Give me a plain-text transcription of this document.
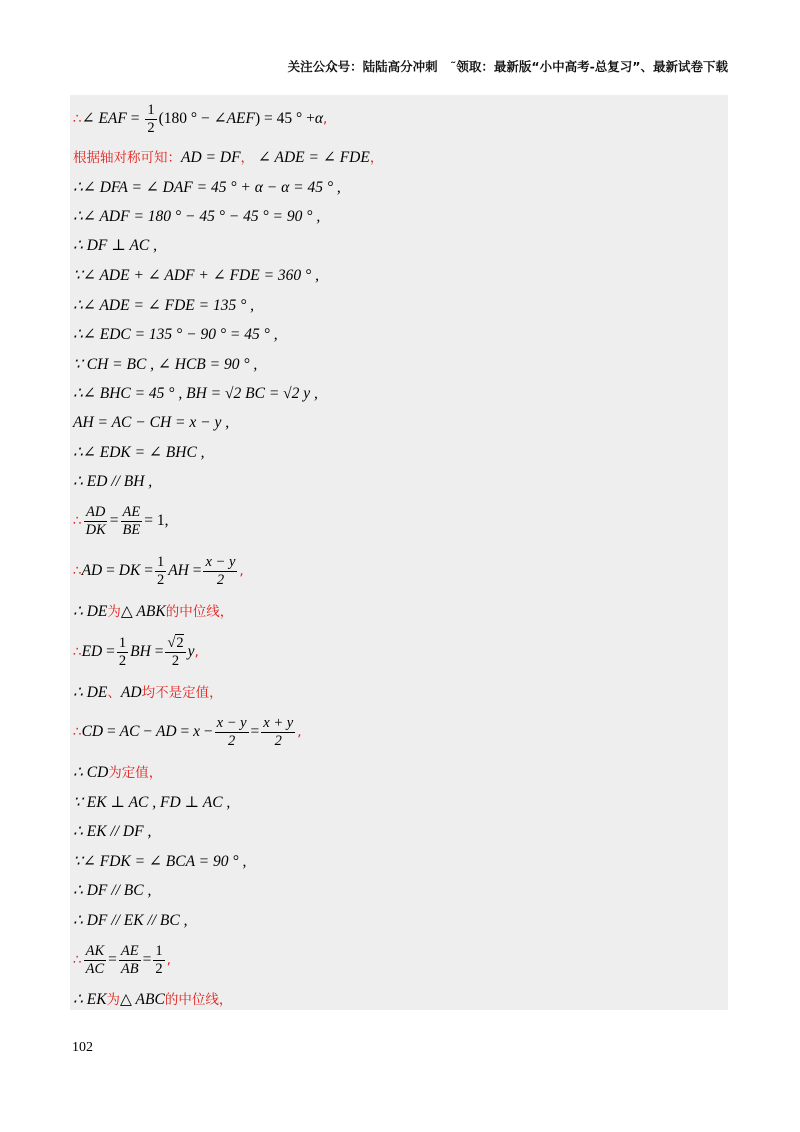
关注公众号：陆陆高分冲刺　˜领取：最新版“小中高考-总复习”、最新试卷下载
∴ ∠ EAF = $\frac{1}{2} (180$ ° − ∠ AEF ) = 45 ° + α ,
根据轴对称可知： AD = DF ，
∠ ADE = ∠ FDE ，
∴∠ DFA = ∠ DAF = 45 ° + α − α = 45 ° ,
∴∠ ADF = 180 ° − 45 ° − 45 ° = 90 ° ,
∴ DF ⊥ AC ,
∵∠ ADE + ∠ ADF + ∠ FDE = 360 ° ,
∴∠ ADE = ∠ FDE = 135 ° ,
∴∠ EDC = 135 ° − 90 ° = 45 ° ,
∵ CH = BC , ∠ HCB = 90 ° ,
∴∠ BHC = 45 ° , BH = √2 BC = √2 y ,
AH = AC − CH = x − y ,
∴∠ EDK = ∠ BHC ,
∴ ED // BH ,
∴ $\frac{AD}{DK} = \frac{AE}{BE} = 1$,
∴ AD = DK = $\frac{1}{2}$ AH = $\frac{x - y}{2}$ ,
∴ DE 为 △ ABK 的中位线，
∴ ED = $\frac{1}{2}$ BH = $\frac{√2}{2}$ y ,
∴ DE 、 AD 均不是定值，
∴ CD = AC − AD = $x - \frac{x - y}{2} = \frac{x + y}{2}$ ,
∴ CD 为定值，
∵ EK ⊥ AC , FD ⊥ AC ,
∴ EK // DF ,
∵∠ FDK = ∠ BCA = 90 ° ,
∴ DF // BC ,
∴ DF // EK // BC ,
∴ $\frac{AK}{AC} = \frac{AE}{AB} = \frac{1}{2}$ ,
∴ EK 为 △ ABC 的中位线，
102
